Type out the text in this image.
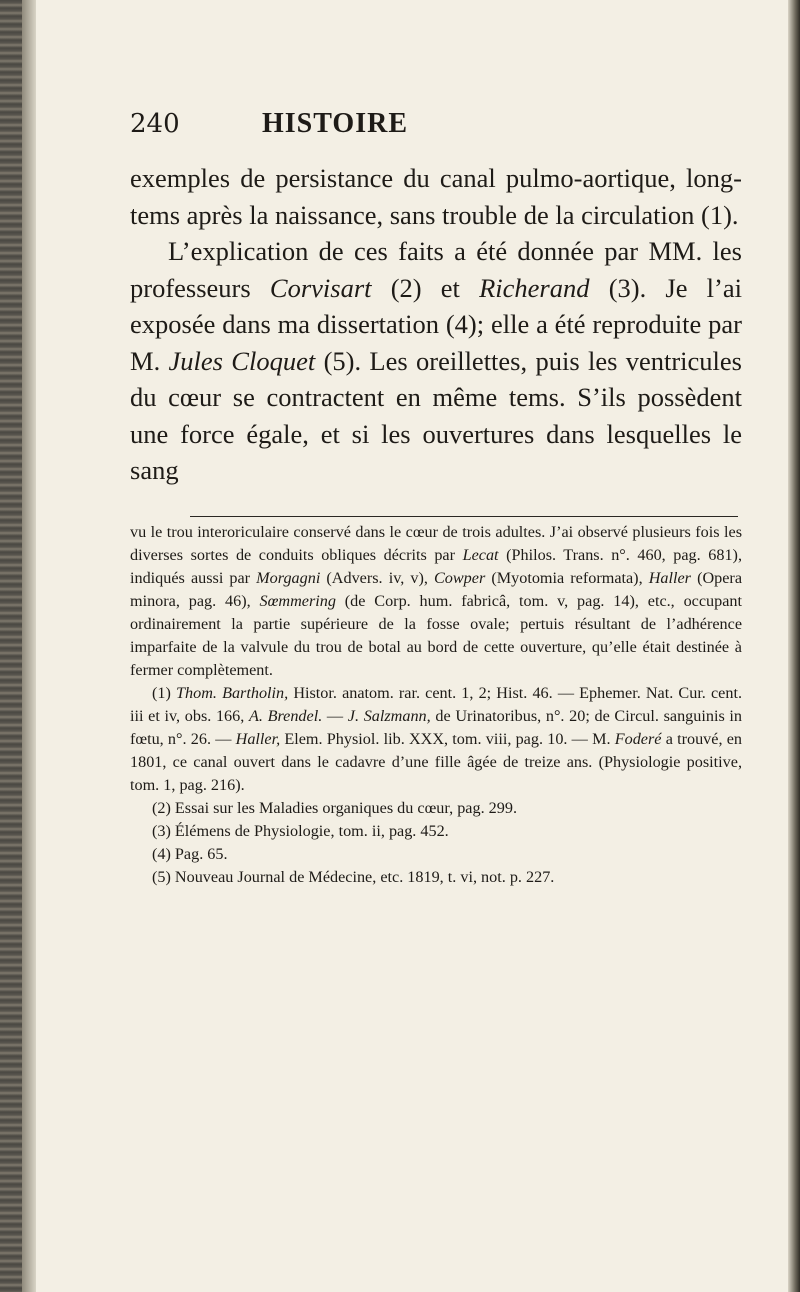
240	HISTOIRE

exemples de persistance du canal pulmo-aortique, long-tems après la naissance, sans trouble de la circulation (1).

L’explication de ces faits a été donnée par MM. les professeurs Corvisart (2) et Richerand (3). Je l’ai exposée dans ma dissertation (4); elle a été reproduite par M. Jules Cloquet (5). Les oreillettes, puis les ventricules du cœur se contractent en même tems. S’ils possèdent une force égale, et si les ouvertures dans lesquelles le sang

vu le trou interoriculaire conservé dans le cœur de trois adultes. J’ai observé plusieurs fois les diverses sortes de conduits obliques décrits par Lecat (Philos. Trans. n°. 460, pag. 681), indiqués aussi par Morgagni (Advers. iv, v), Cowper (Myotomia reformata), Haller (Opera minora, pag. 46), Sœmmering (de Corp. hum. fabricâ, tom. v, pag. 14), etc., occupant ordinairement la partie supérieure de la fosse ovale; pertuis résultant de l’adhérence imparfaite de la valvule du trou de botal au bord de cette ouverture, qu’elle était destinée à fermer complètement.

(1) Thom. Bartholin, Histor. anatom. rar. cent. 1, 2; Hist. 46. — Ephemer. Nat. Cur. cent. iii et iv, obs. 166, A. Brendel. — J. Salzmann, de Urinatoribus, n°. 20; de Circul. sanguinis in fœtu, n°. 26. — Haller, Elem. Physiol. lib. XXX, tom. viii, pag. 10. — M. Foderé a trouvé, en 1801, ce canal ouvert dans le cadavre d’une fille âgée de treize ans. (Physiologie positive, tom. 1, pag. 216).

(2) Essai sur les Maladies organiques du cœur, pag. 299.

(3) Élémens de Physiologie, tom. ii, pag. 452.

(4) Pag. 65.

(5) Nouveau Journal de Médecine, etc. 1819, t. vi, not. p. 227.
